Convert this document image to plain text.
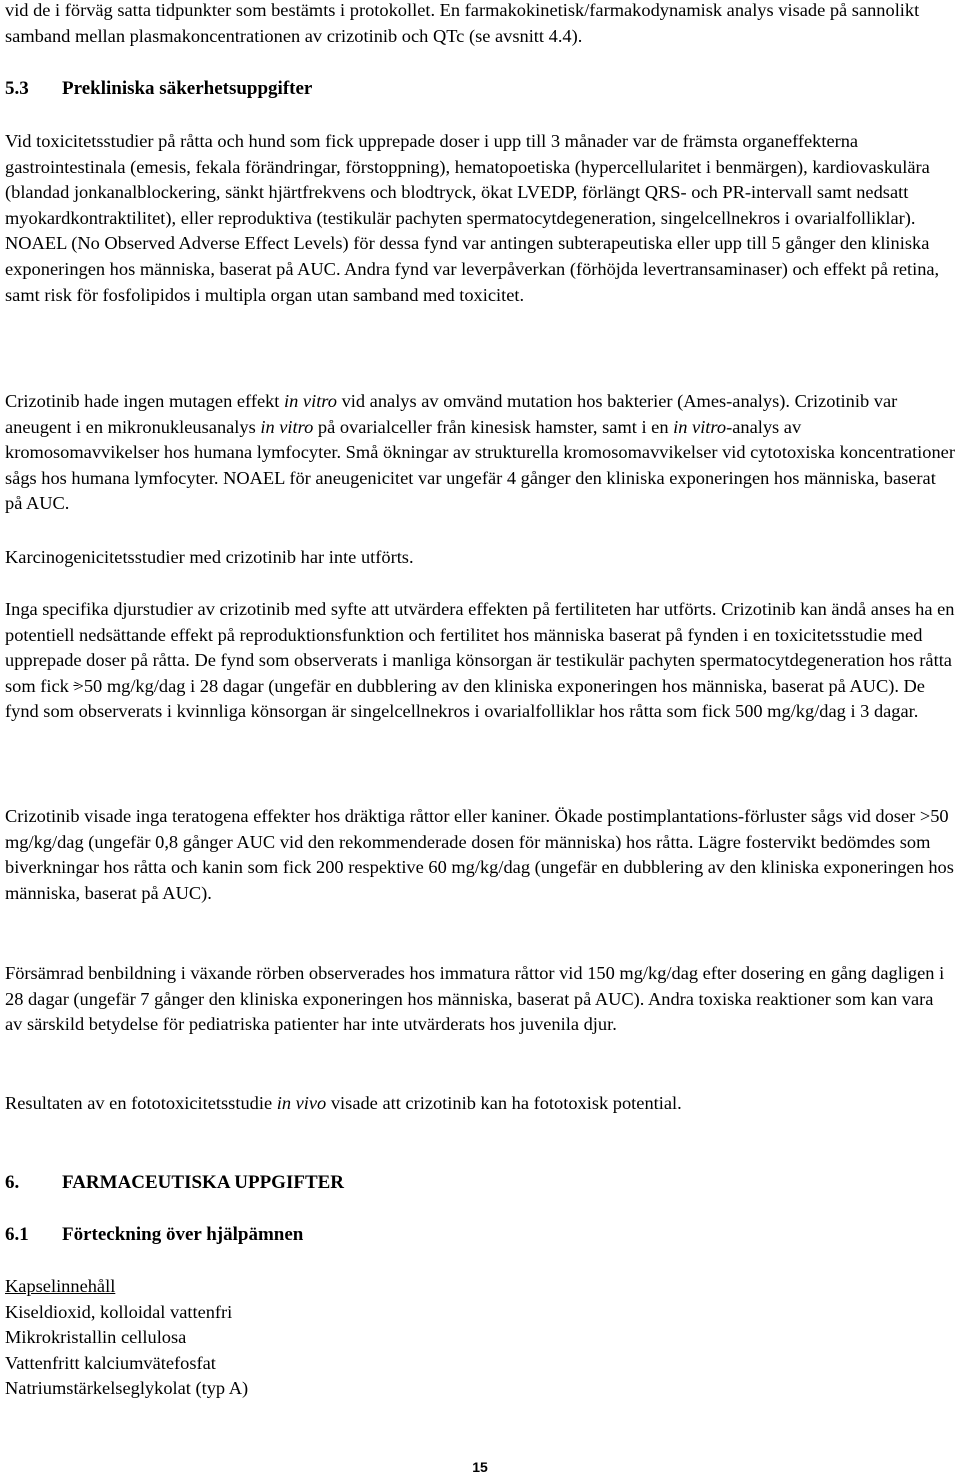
vid de i förväg satta tidpunkter som bestämts i protokollet. En farmakokinetisk/farmakodynamisk analys visade på sannolikt samband mellan plasmakoncentrationen av crizotinib och QTc (se avsnitt 4.4).
5.3 Prekliniska säkerhetsuppgifter
Vid toxicitetsstudier på råtta och hund som fick upprepade doser i upp till 3 månader var de främsta organeffekterna gastrointestinala (emesis, fekala förändringar, förstoppning), hematopoetiska (hypercellularitet i benmärgen), kardiovaskulära (blandad jonkanalblockering, sänkt hjärtfrekvens och blodtryck, ökat LVEDP, förlängt QRS- och PR-intervall samt nedsatt myokardkontraktilitet), eller reproduktiva (testikulär pachyten spermatocytdegeneration, singelcellnekros i ovarialfolliklar). NOAEL (No Observed Adverse Effect Levels) för dessa fynd var antingen subterapeutiska eller upp till 5 gånger den kliniska exponeringen hos människa, baserat på AUC. Andra fynd var leverpåverkan (förhöjda levertransaminaser) och effekt på retina, samt risk för fosfolipidos i multipla organ utan samband med toxicitet.
Crizotinib hade ingen mutagen effekt in vitro vid analys av omvänd mutation hos bakterier (Ames-analys). Crizotinib var aneugent i en mikronukleusanalys in vitro på ovarialceller från kinesisk hamster, samt i en in vitro-analys av kromosomavvikelser hos humana lymfocyter. Små ökningar av strukturella kromosomavvikelser vid cytotoxiska koncentrationer sågs hos humana lymfocyter. NOAEL för aneugenicitet var ungefär 4 gånger den kliniska exponeringen hos människa, baserat på AUC.
Karcinogenicitetsstudier med crizotinib har inte utförts.
Inga specifika djurstudier av crizotinib med syfte att utvärdera effekten på fertiliteten har utförts. Crizotinib kan ändå anses ha en potentiell nedsättande effekt på reproduktionsfunktion och fertilitet hos människa baserat på fynden i en toxicitetsstudie med upprepade doser på råtta. De fynd som observerats i manliga könsorgan är testikulär pachyten spermatocytdegeneration hos råtta som fick ≥50 mg/kg/dag i 28 dagar (ungefär en dubblering av den kliniska exponeringen hos människa, baserat på AUC). De fynd som observerats i kvinnliga könsorgan är singelcellnekros i ovarialfolliklar hos råtta som fick 500 mg/kg/dag i 3 dagar.
Crizotinib visade inga teratogena effekter hos dräktiga råttor eller kaniner. Ökade postimplantations-förluster sågs vid doser >50 mg/kg/dag (ungefär 0,8 gånger AUC vid den rekommenderade dosen för människa) hos råtta. Lägre fostervikt bedömdes som biverkningar hos råtta och kanin som fick 200 respektive 60 mg/kg/dag (ungefär en dubblering av den kliniska exponeringen hos människa, baserat på AUC).
Försämrad benbildning i växande rörben observerades hos immatura råttor vid 150 mg/kg/dag efter dosering en gång dagligen i 28 dagar (ungefär 7 gånger den kliniska exponeringen hos människa, baserat på AUC). Andra toxiska reaktioner som kan vara av särskild betydelse för pediatriska patienter har inte utvärderats hos juvenila djur.
Resultaten av en fototoxicitetsstudie in vivo visade att crizotinib kan ha fototoxisk potential.
6. FARMACEUTISKA UPPGIFTER
6.1 Förteckning över hjälpämnen
Kapselinnehåll
Kiseldioxid, kolloidal vattenfri
Mikrokristallin cellulosa
Vattenfritt kalciumvätefosfat
Natriumstärkelseglykolat (typ A)
15
